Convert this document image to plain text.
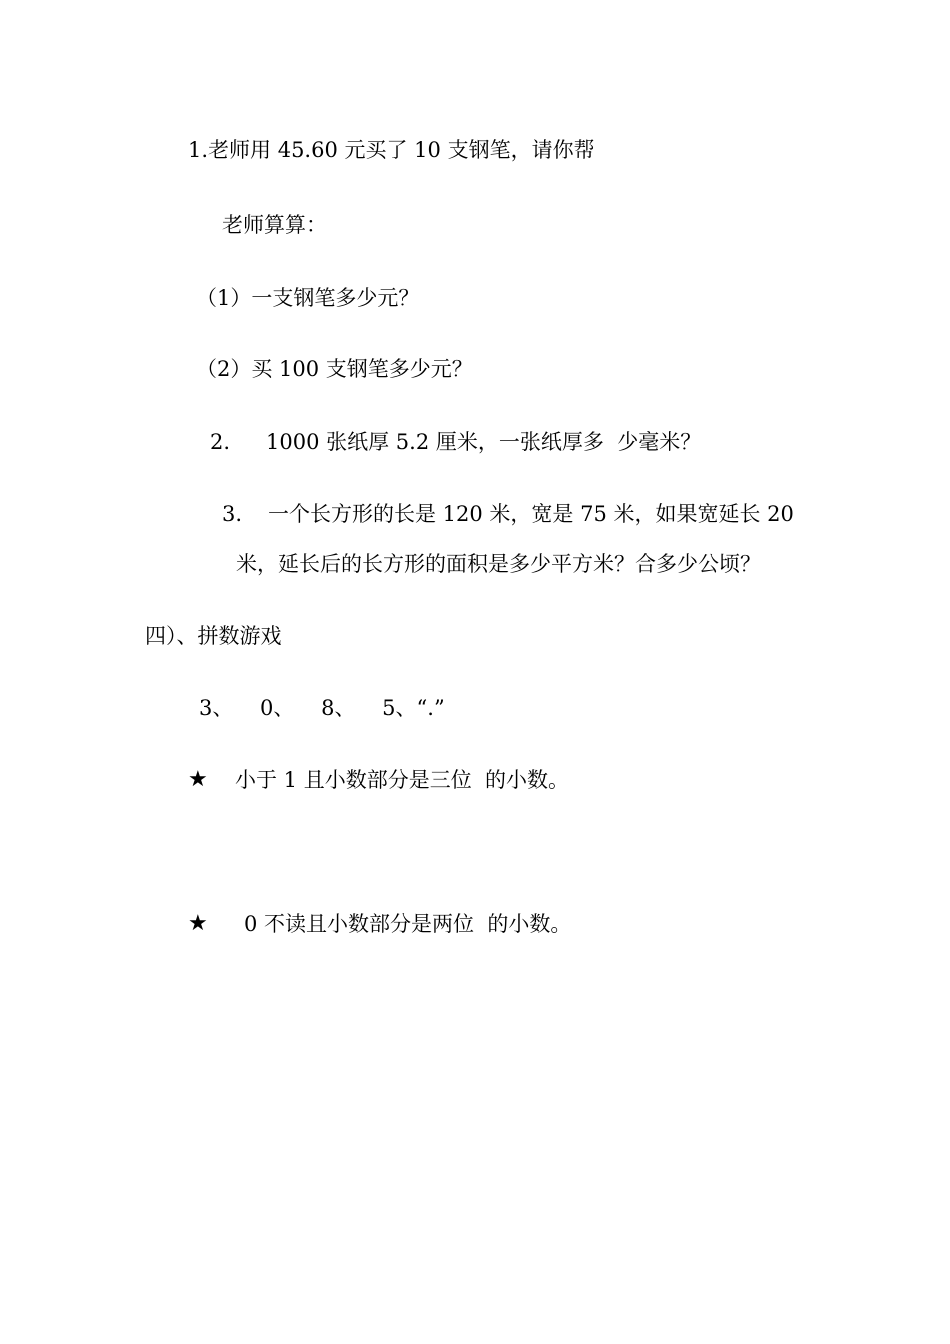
1.老师用 45.60 元买了 10 支钢笔，请你帮
老师算算：
（1）一支钢笔多少元？
（2）买 100 支钢笔多少元？
2. 1000 张纸厚 5.2 厘米，一张纸厚多  少毫米？
3. 一个长方形的长是 120 米，宽是 75 米，如果宽延长 20
米，延长后的长方形的面积是多少平方米？合多少公顷？
四）、拼数游戏
3、    0、    8、    5、“.”
★ 小于 1 且小数部分是三位  的小数。
★ 0 不读且小数部分是两位  的小数。
